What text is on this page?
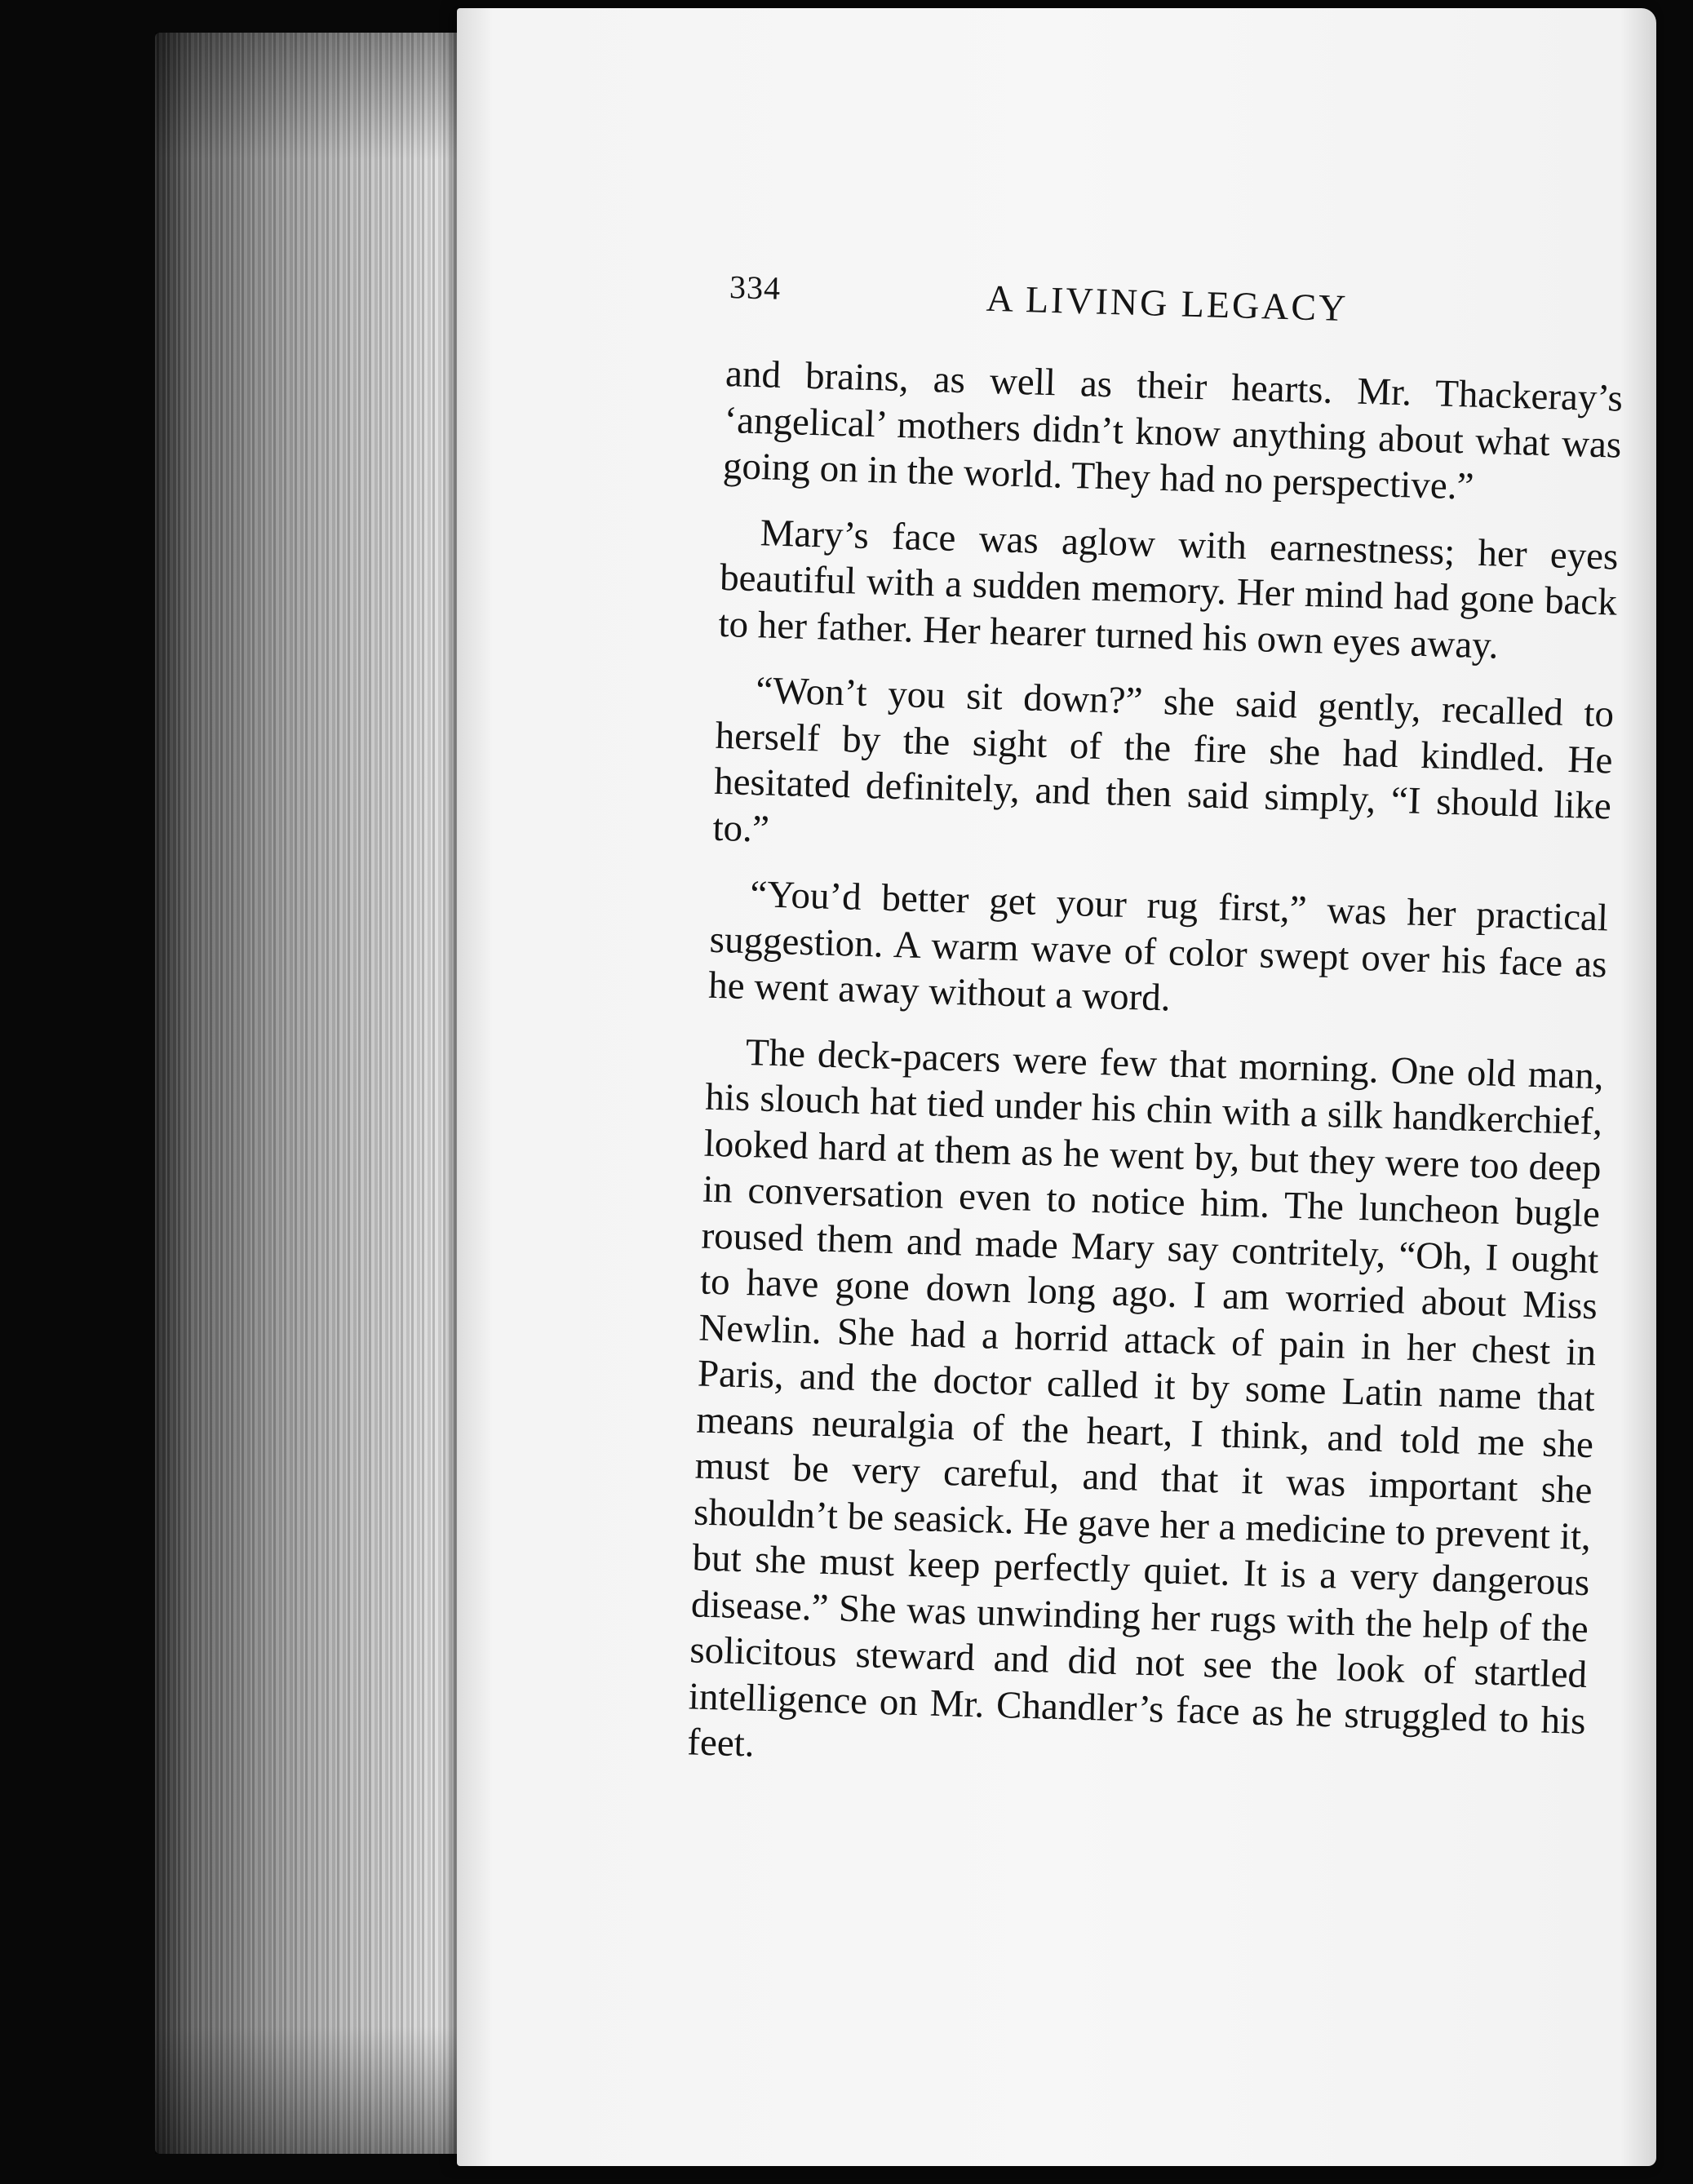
334	A LIVING LEGACY

and brains, as well as their hearts. Mr. Thackeray’s ‘angelical’ mothers didn’t know anything about what was going on in the world. They had no perspective.”

Mary’s face was aglow with earnestness; her eyes beautiful with a sudden memory. Her mind had gone back to her father. Her hearer turned his own eyes away.

“Won’t you sit down?” she said gently, recalled to herself by the sight of the fire she had kindled. He hesitated definitely, and then said simply, “I should like to.”

“You’d better get your rug first,” was her practical suggestion. A warm wave of color swept over his face as he went away without a word.

The deck-pacers were few that morning. One old man, his slouch hat tied under his chin with a silk handkerchief, looked hard at them as he went by, but they were too deep in conversation even to notice him. The luncheon bugle roused them and made Mary say contritely, “Oh, I ought to have gone down long ago. I am worried about Miss Newlin. She had a horrid attack of pain in her chest in Paris, and the doctor called it by some Latin name that means neuralgia of the heart, I think, and told me she must be very careful, and that it was important she shouldn’t be seasick. He gave her a medicine to prevent it, but she must keep perfectly quiet. It is a very dangerous disease.” She was unwinding her rugs with the help of the solicitous steward and did not see the look of startled intelligence on Mr. Chandler’s face as he struggled to his feet.
